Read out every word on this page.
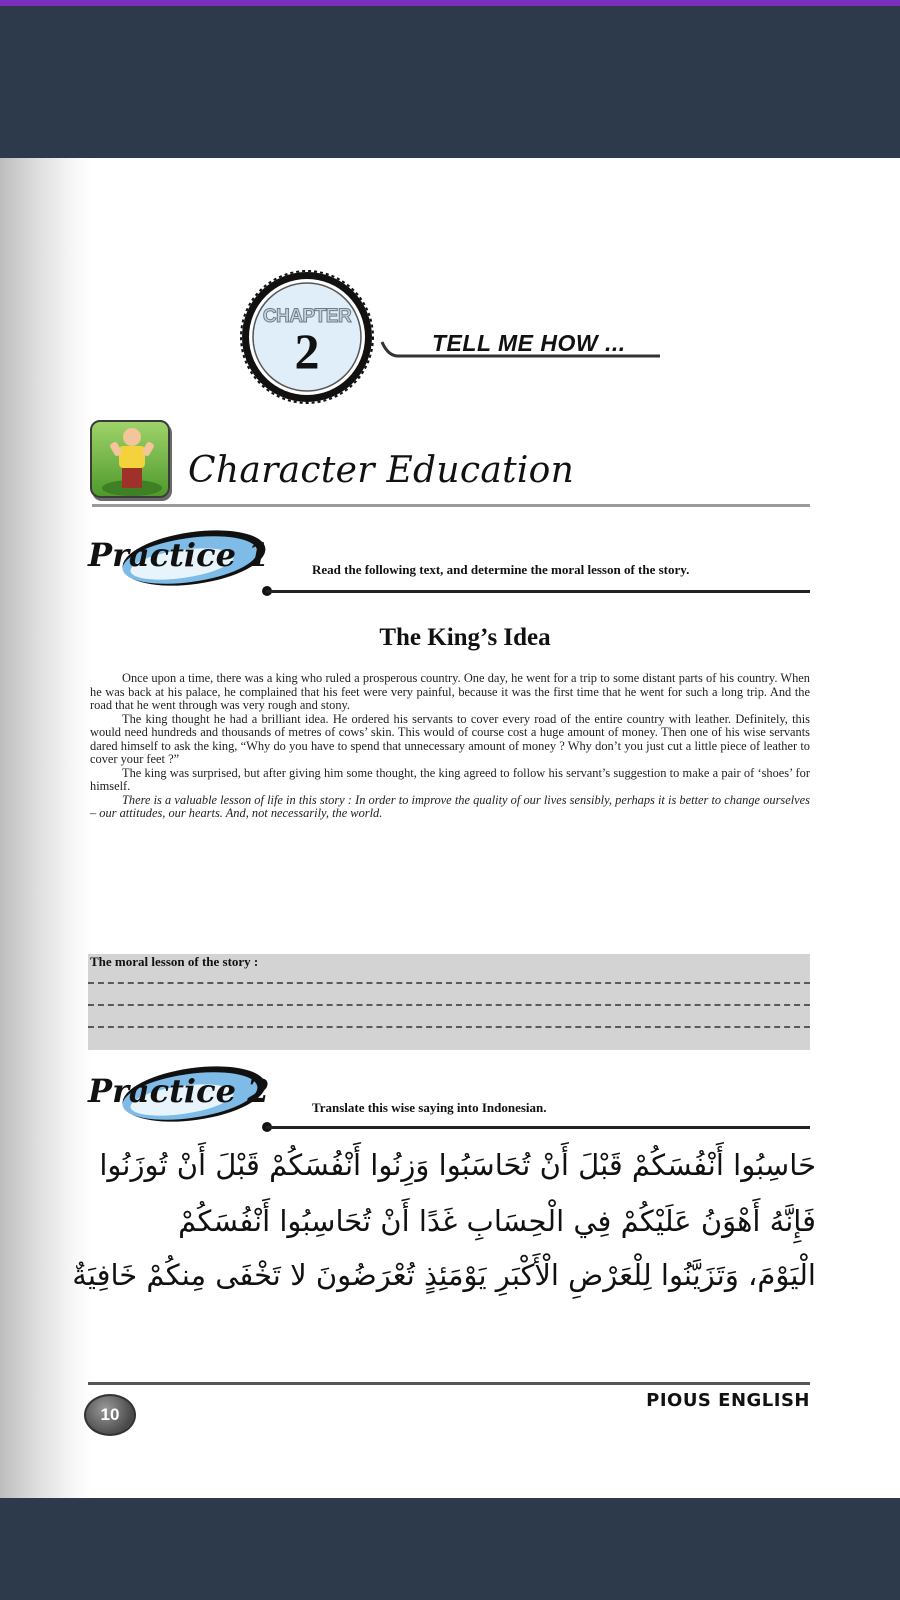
CHAPTER
2	TELL ME HOW ...
Character Education
Practice 1	Read the following text, and determine the moral lesson of the story.
The King’s Idea

Once upon a time, there was a king who ruled a prosperous country. One day, he went for a trip to some distant parts of his country. When he was back at his palace, he complained that his feet were very painful, because it was the first time that he went for such a long trip. And the road that he went through was very rough and stony.

The king thought he had a brilliant idea. He ordered his servants to cover every road of the entire country with leather. Definitely, this would need hundreds and thousands of metres of cows’ skin. This would of course cost a huge amount of money. Then one of his wise servants dared himself to ask the king, “Why do you have to spend that unnecessary amount of money ? Why don’t you just cut a little piece of leather to cover your feet ?”

The king was surprised, but after giving him some thought, the king agreed to follow his servant’s suggestion to make a pair of ‘shoes’ for himself.

There is a valuable lesson of life in this story : In order to improve the quality of our lives sensibly, perhaps it is better to change ourselves – our attitudes, our hearts. And, not necessarily, the world.

The moral lesson of the story :
Practice 2	Translate this wise saying into Indonesian.
حَاسِبُوا أَنْفُسَكُمْ قَبْلَ أَنْ تُحَاسَبُوا وَزِنُوا أَنْفُسَكُمْ قَبْلَ أَنْ تُوزَنُوا
فَإِنَّهُ أَهْوَنُ عَلَيْكُمْ فِي الْحِسَابِ غَدًا أَنْ تُحَاسِبُوا أَنْفُسَكُمْ
الْيَوْمَ، وَتَزَيَّنُوا لِلْعَرْضِ الْأَكْبَرِ يَوْمَئِذٍ تُعْرَضُونَ لا تَخْفَى مِنكُمْ خَافِيَةٌ
10
PIOUS ENGLISH
